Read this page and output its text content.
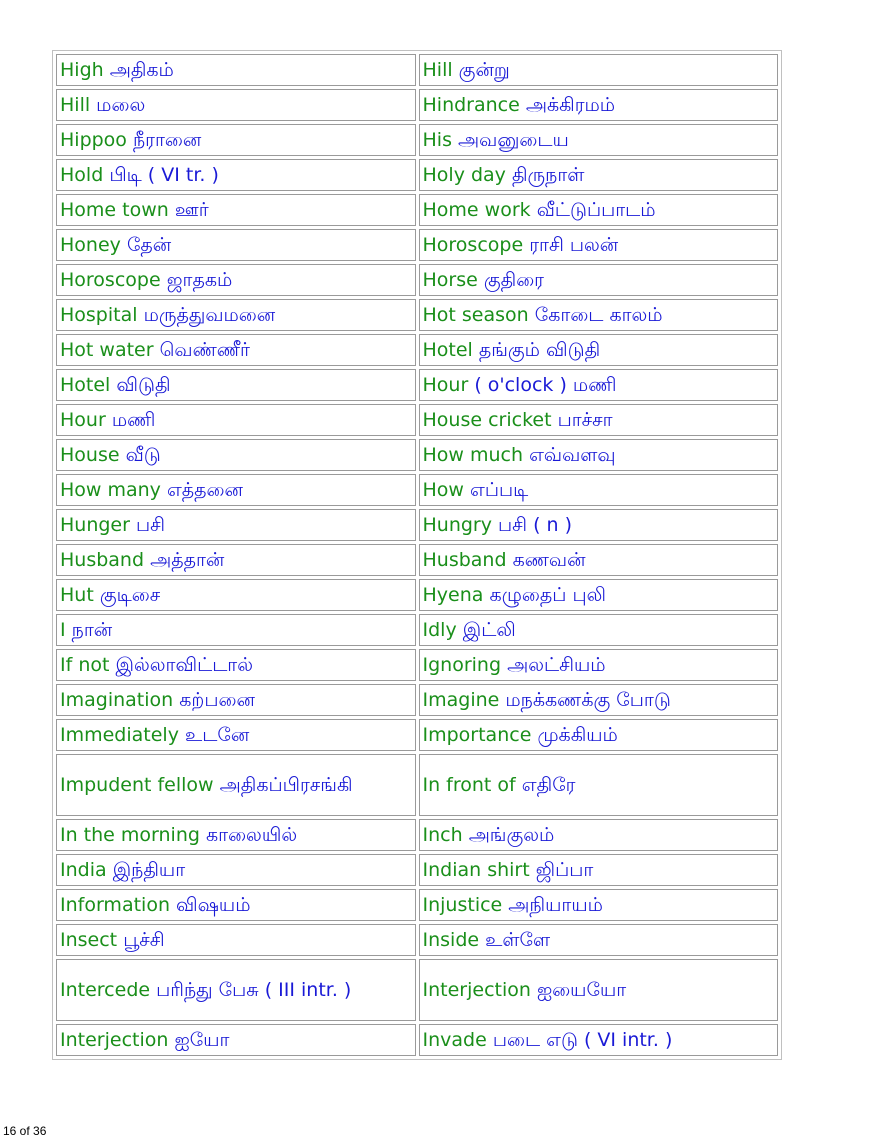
High அதிகம்	Hill குன்று
Hill மலை	Hindrance அக்கிரமம்
Hippoo நீரானை	His அவனுடைய
Hold பிடி ( VI tr. )	Holy day திருநாள்
Home town ஊர்	Home work வீட்டுப்பாடம்
Honey தேன்	Horoscope ராசி பலன்
Horoscope ஜாதகம்	Horse குதிரை
Hospital மருத்துவமனை	Hot season கோடை காலம்
Hot water வெண்ணீர்	Hotel தங்கும் விடுதி
Hotel விடுதி	Hour ( o'clock ) மணி
Hour மணி	House cricket பாச்சா
House வீடு	How much எவ்வளவு
How many எத்தனை	How எப்படி
Hunger பசி	Hungry பசி ( n )
Husband அத்தான்	Husband கணவன்
Hut குடிசை	Hyena கழுதைப் புலி
I நான்	Idly இட்லி
If not இல்லாவிட்டால்	Ignoring அலட்சியம்
Imagination கற்பனை	Imagine மநக்கணக்கு போடு
Immediately உடனே	Importance முக்கியம்
Impudent fellow அதிகப்பிரசங்கி	In front of எதிரே
In the morning காலையில்	Inch அங்குலம்
India இந்தியா	Indian shirt ஜிப்பா
Information விஷயம்	Injustice அநியாயம்
Insect பூச்சி	Inside உள்ளே
Intercede பரிந்து பேசு ( III intr. )	Interjection ஐயையோ
Interjection ஐயோ	Invade படை எடு ( VI intr. )
16 of 36
